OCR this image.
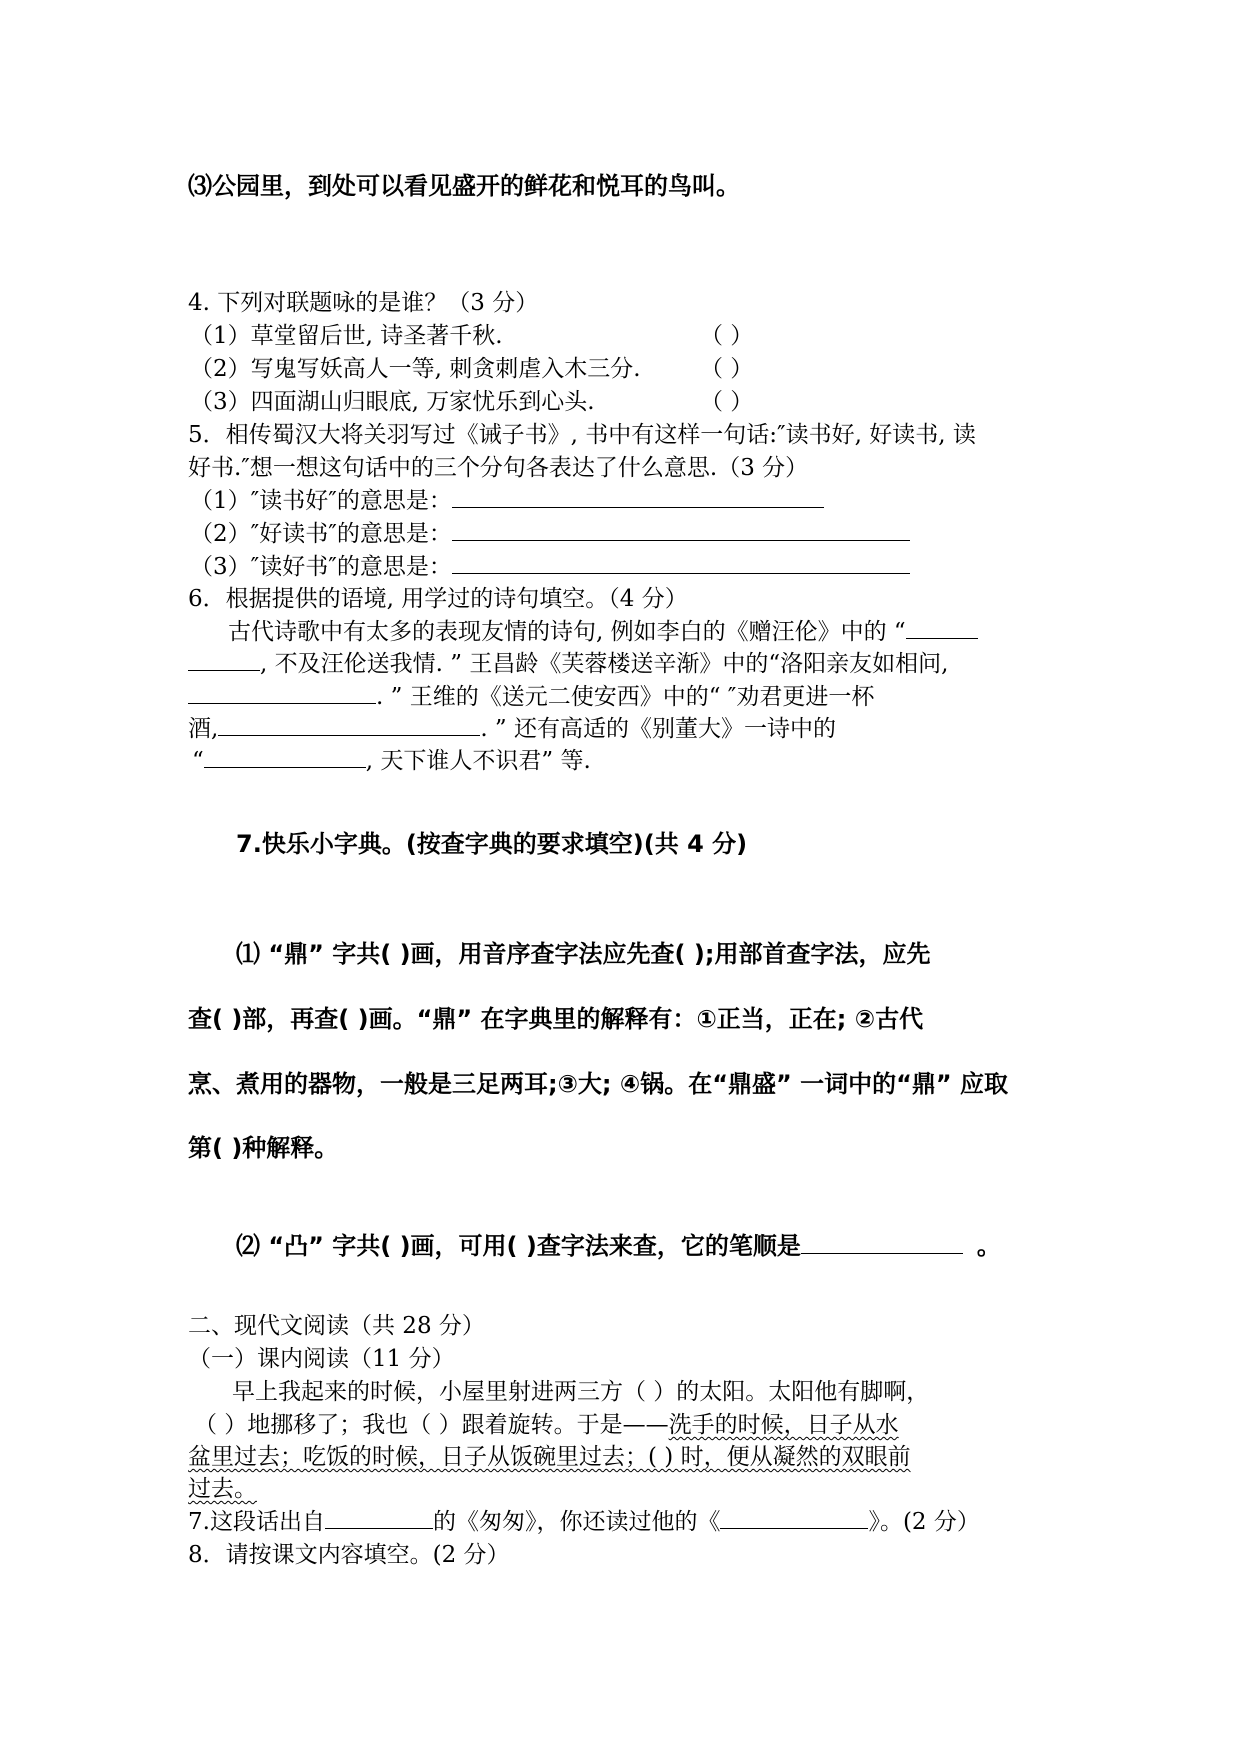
⑶公园里，到处可以看见盛开的鲜花和悦耳的鸟叫。
4. 下列对联题咏的是谁？（3 分）
（1）草堂留后世, 诗圣著千秋.	（ ）
（2）写鬼写妖高人一等, 刺贪刺虐入木三分.	（ ）
（3）四面湖山归眼底, 万家忧乐到心头.	（ ）
5．相传蜀汉大将关羽写过《诫子书》, 书中有这样一句话:″读书好, 好读书, 读
好书.″想一想这句话中的三个分句各表达了什么意思.（3 分）
（1）″读书好″的意思是：
（2）″好读书″的意思是：
（3）″读好书″的意思是：
6．根据提供的语境, 用学过的诗句填空。（4 分）
古代诗歌中有太多的表现友情的诗句, 例如李白的《赠汪伦》中的 “
, 不及汪伦送我情. ” 王昌龄《芙蓉楼送辛渐》中的“洛阳亲友如相问,
. ” 王维的《送元二使安西》中的“ ″劝君更进一杯
酒,	. ” 还有高适的《别董大》一诗中的
“	, 天下谁人不识君” 等.
7.快乐小字典。(按查字典的要求填空)(共 4 分)
⑴ “鼎” 字共( )画，用音序查字法应先查( );用部首查字法，应先
查( )部，再查( )画。“鼎” 在字典里的解释有：①正当，正在; ②古代
烹、煮用的器物，一般是三足两耳;③大; ④锅。在“鼎盛” 一词中的“鼎” 应取
第( )种解释。
⑵ “凸” 字共( )画，可用( )查字法来查，它的笔顺是	。
二、现代文阅读（共 28 分）
（一）课内阅读（11 分）
早上我起来的时候，小屋里射进两三方（ ）的太阳。太阳他有脚啊，
（ ）地挪移了；我也（ ）跟着旋转。于是——洗手的时候，日子从水
盆里过去；吃饭的时候，日子从饭碗里过去；( ) 时，便从凝然的双眼前
过去。
7.这段话出自	的《匆匆》，你还读过他的《	》。(2 分）
8．请按课文内容填空。(2 分）
